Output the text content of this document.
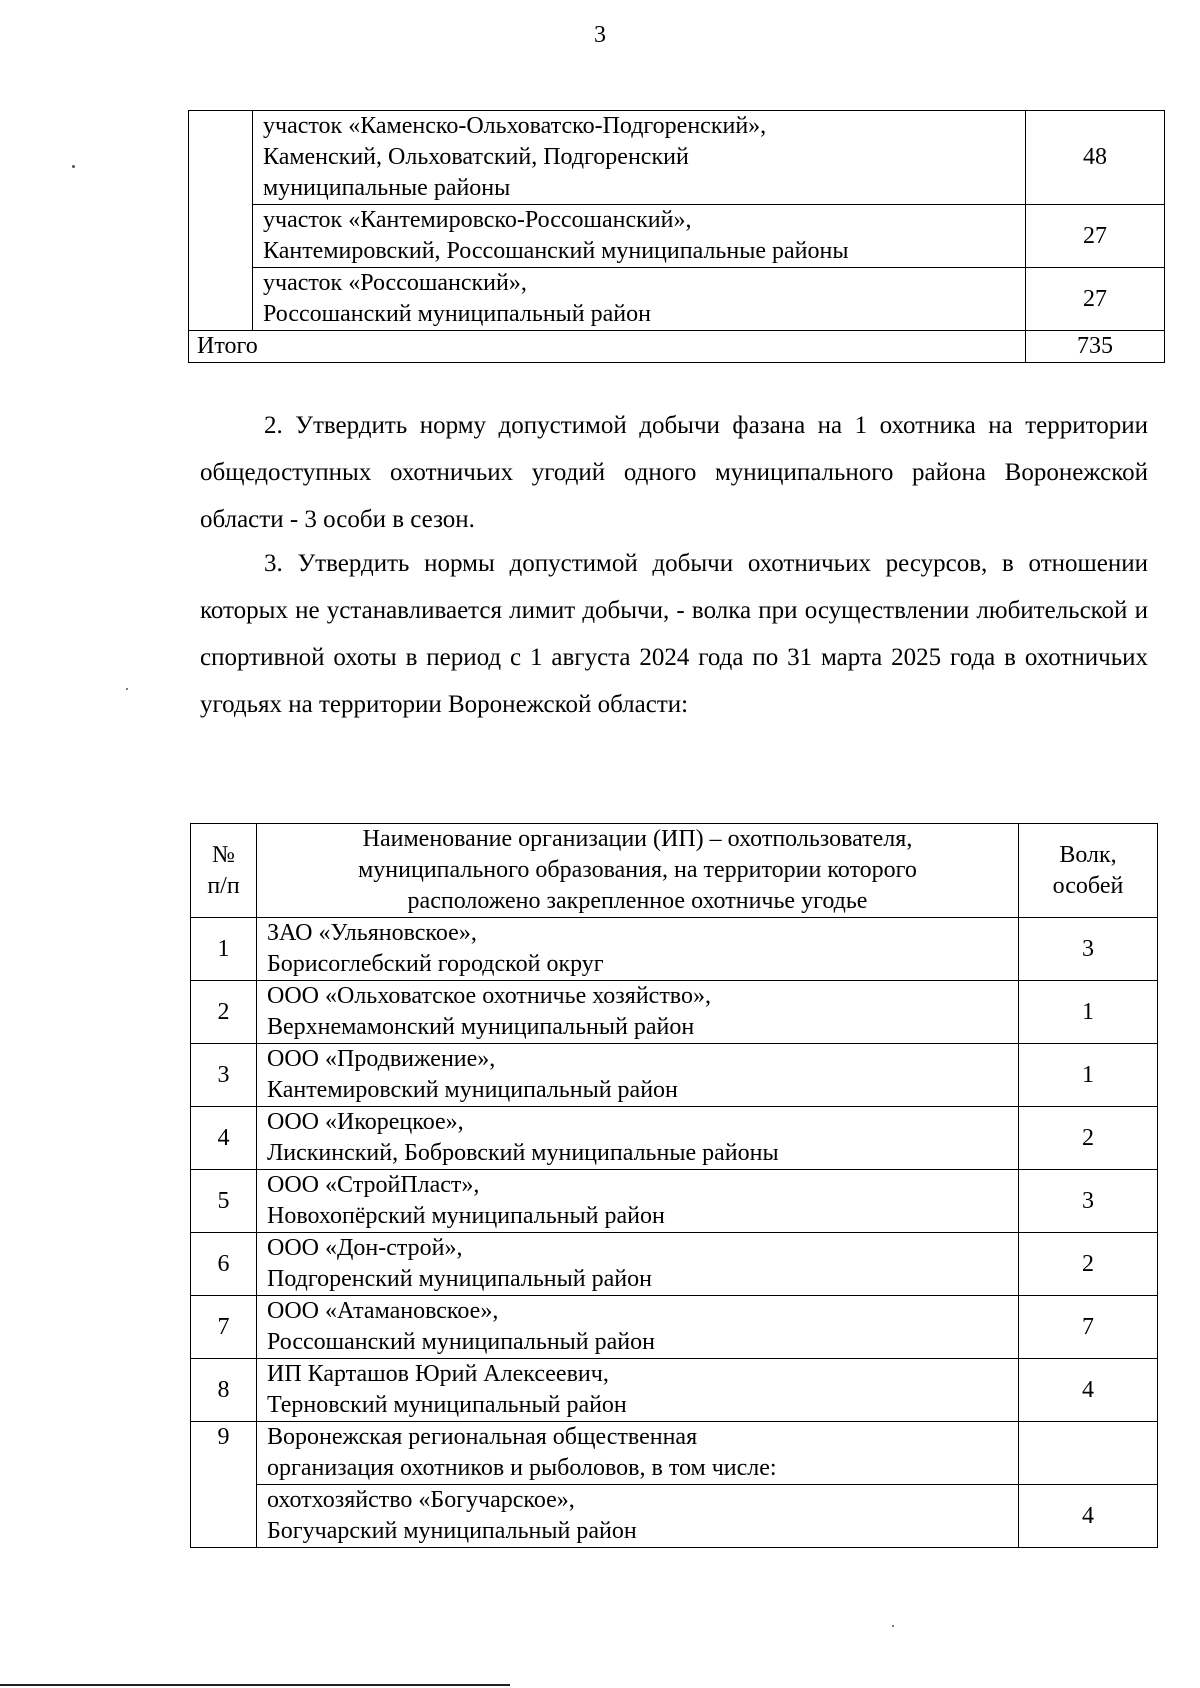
3

	участок «Каменско-Ольховатско-Подгоренский»,
Каменский, Ольховатский, Подгоренский
муниципальные районы	48

	участок «Кантемировско-Россошанский»,
Кантемировский, Россошанский муниципальные районы	27

	участок «Россошанский»,
Россошанский муниципальный район	27
Итого		735

2. Утвердить норму допустимой добычи фазана на 1 охотника на территории общедоступных охотничьих угодий одного муниципального района Воронежской области - 3 особи в сезон.

3. Утвердить нормы допустимой добычи охотничьих ресурсов, в отношении которых не устанавливается лимит добычи, - волка при осуществлении любительской и спортивной охоты в период с 1 августа 2024 года по 31 марта 2025 года в охотничьих угодьях на территории Воронежской области:

№
п/п	Наименование организации (ИП) – охотпользователя,
муниципального образования, на территории которого
расположено закрепленное охотничье угодье	Волк,
особей

1	ЗАО «Ульяновское»,
Борисоглебский городской округ	3
2	ООО «Ольховатское охотничье хозяйство»,
Верхнемамонский муниципальный район	1
3	ООО «Продвижение»,
Кантемировский муниципальный район	1
4	ООО «Икорецкое»,
Лискинский, Бобровский муниципальные районы	2
5	ООО «СтройПласт»,
Новохопёрский муниципальный район	3
6	ООО «Дон-строй»,
Подгоренский муниципальный район	2
7	ООО «Атамановское»,
Россошанский муниципальный район	7
8	ИП Карташов Юрий Алексеевич,
Терновский муниципальный район	4
9	Воронежская региональная общественная
организация охотников и рыболовов, в том числе:	

	охотхозяйство «Богучарское»,
Богучарский муниципальный район	4
